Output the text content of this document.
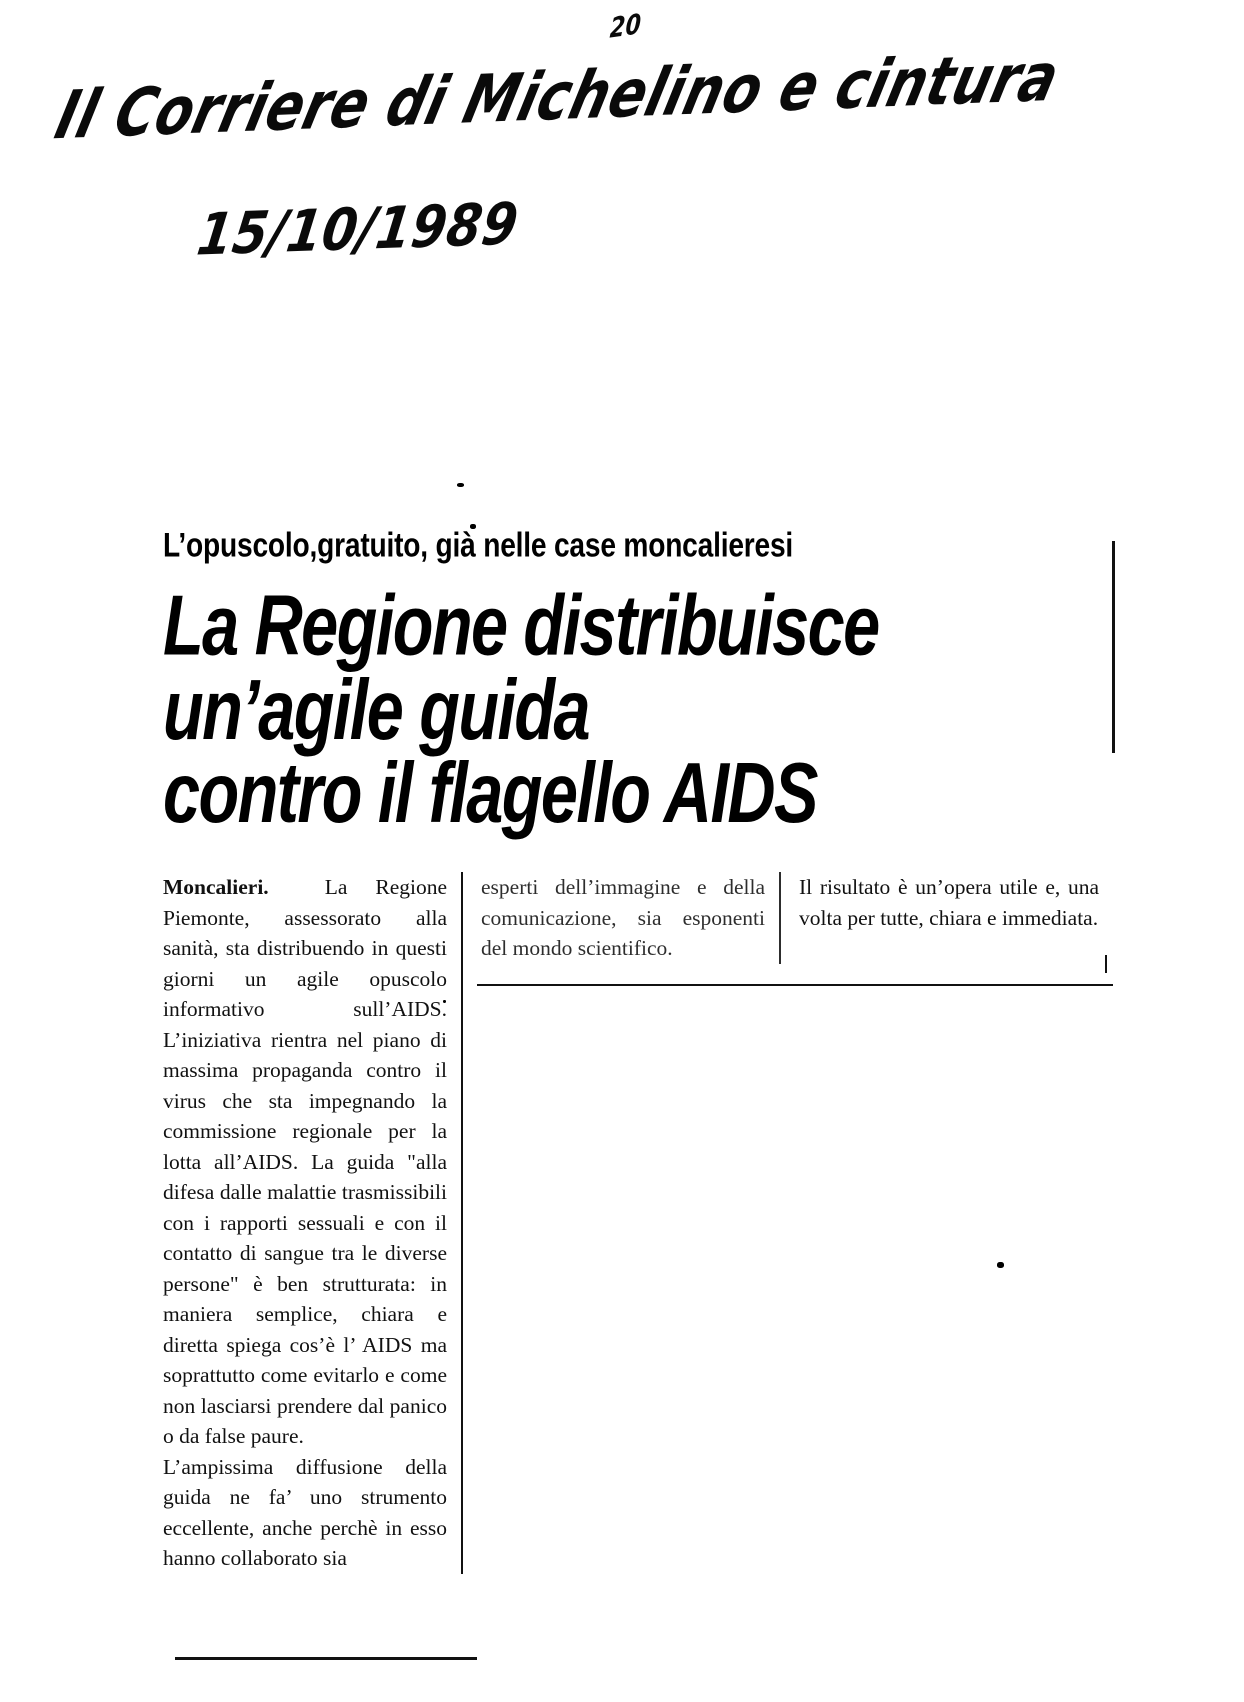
20
Il Corriere di Michelino e cintura
15/10/1989
L’opuscolo,gratuito, già nelle case moncalieresi
La Regione distribuisce
un’agile guida
contro il flagello AIDS

Moncalieri.	La Regione Piemonte, assessorato alla sanità, sta distribuendo in questi giorni un agile opuscolo informativo sull’AIDS. L’iniziativa rientra nel piano di massima propaganda contro il virus che sta impegnando la commissione regionale per la lotta all’AIDS. La guida "alla difesa dalle malattie trasmissibili con i rapporti sessuali e con il contatto di sangue tra le diverse persone" è ben strutturata: in maniera semplice, chiara e diretta spiega cos’è l’ AIDS ma soprattutto come evitarlo e come non lasciarsi prendere dal panico o da false paure.

L’ampissima diffusione della guida ne fa’ uno strumento eccellente, anche perchè in esso hanno collaborato sia

esperti dell’immagine e della comunicazione, sia esponenti del mondo scientifico.

Il risultato è un’opera utile e, una volta per tutte, chiara e immediata.
